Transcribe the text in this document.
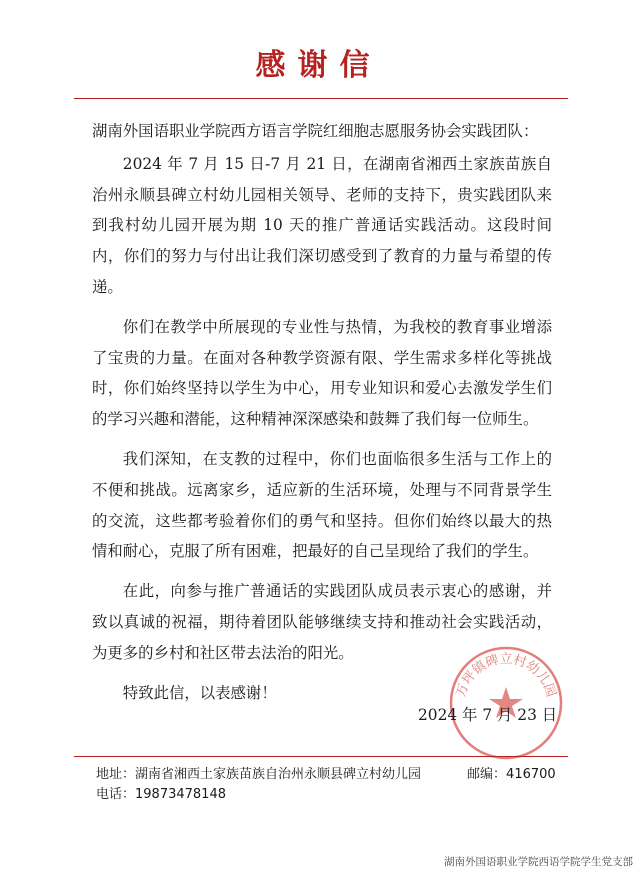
感谢信

湖南外国语职业学院西方语言学院红细胞志愿服务协会实践团队：

2024 年 7 月 15 日-7 月 21 日，在湖南省湘西土家族苗族自治州永顺县碑立村幼儿园相关领导、老师的支持下，贵实践团队来到我村幼儿园开展为期 10 天的推广普通话实践活动。这段时间内，你们的努力与付出让我们深切感受到了教育的力量与希望的传递。

你们在教学中所展现的专业性与热情，为我校的教育事业增添了宝贵的力量。在面对各种教学资源有限、学生需求多样化等挑战时，你们始终坚持以学生为中心，用专业知识和爱心去激发学生们的学习兴趣和潜能，这种精神深深感染和鼓舞了我们每一位师生。

我们深知，在支教的过程中，你们也面临很多生活与工作上的不便和挑战。远离家乡，适应新的生活环境，处理与不同背景学生的交流，这些都考验着你们的勇气和坚持。但你们始终以最大的热情和耐心，克服了所有困难，把最好的自己呈现给了我们的学生。

在此，向参与推广普通话的实践团队成员表示衷心的感谢，并致以真诚的祝福，期待着团队能够继续支持和推动社会实践活动，为更多的乡村和社区带去法治的阳光。

特致此信，以表感谢！	万坪镇碑立村幼儿园
2024 年 7 月 23 日
地址： 湖南省湘西土家族苗族自治州永顺县碑立村幼儿园	邮编： 416700
电话： 19873478148
湖南外国语职业学院西语学院学生党支部
